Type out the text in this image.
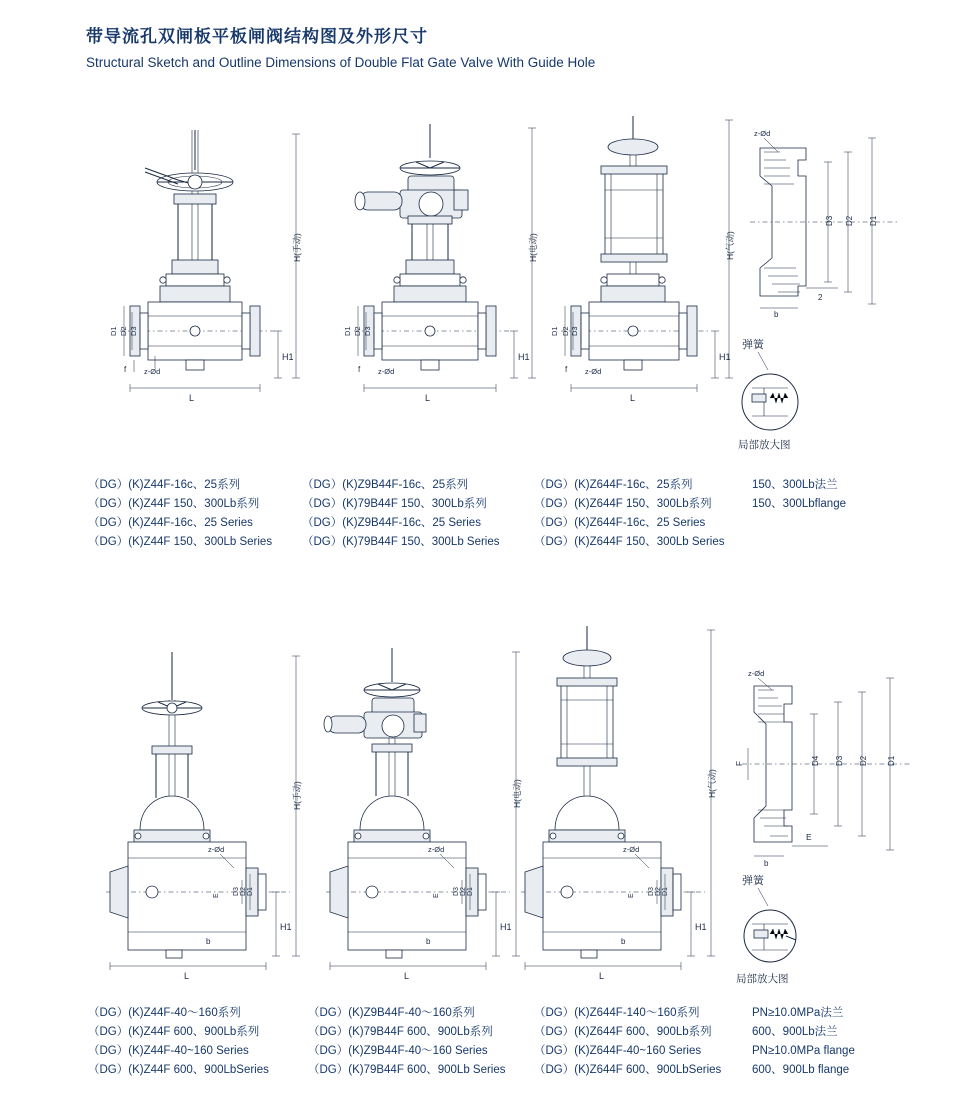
带导流孔双闸板平板闸阀结构图及外形尺寸
Structural Sketch and Outline Dimensions of Double Flat Gate Valve With Guide Hole
L
H1
H(手动)
D1 D2 D3
f z-Ød
L
H1
H(电动)
D1 D2 D3
f z-Ød
L
H1
H(气动)
D1 D2 D3
f z-Ød
z-Ød
D3 D2 D1
b
2
弹簧
局部放大图
（DG）(K)Z44F-16c、25系列
（DG）(K)Z44F 150、300Lb系列
（DG）(K)Z44F-16c、25 Series
（DG）(K)Z44F 150、300Lb Series
（DG）(K)Z9B44F-16c、25系列
（DG）(K)79B44F 150、300Lb系列
（DG）(K)Z9B44F-16c、25 Series
（DG）(K)79B44F 150、300Lb Series
（DG）(K)Z644F-16c、25系列
（DG）(K)Z644F 150、300Lb系列
（DG）(K)Z644F-16c、25 Series
（DG）(K)Z644F 150、300Lb Series
150、300Lb法兰
150、300Lbflange
L
H1
H(手动)
z-Ød
D1
D2
D3
E
b
L
H1
H(电动)
z-Ød
D1
D2
D3
E
b
L
H1
H(气动)
z-Ød
D1
D2
D3
E
b
z-Ød
D4 D3 D2 D1
F
b
E
弹簧
局部放大图
（DG）(K)Z44F-40～160系列
（DG）(K)Z44F 600、900Lb系列
（DG）(K)Z44F-40~160 Series
（DG）(K)Z44F 600、900LbSeries
（DG）(K)Z9B44F-40～160系列
（DG）(K)79B44F 600、900Lb系列
（DG）(K)Z9B44F-40～160 Series
（DG）(K)79B44F 600、900Lb Series
（DG）(K)Z644F-140～160系列
（DG）(K)Z644F 600、900Lb系列
（DG）(K)Z644F-40~160 Series
（DG）(K)Z644F 600、900LbSeries
PN≥10.0MPa法兰
600、900Lb法兰
PN≥10.0MPa flange
600、900Lb flange
